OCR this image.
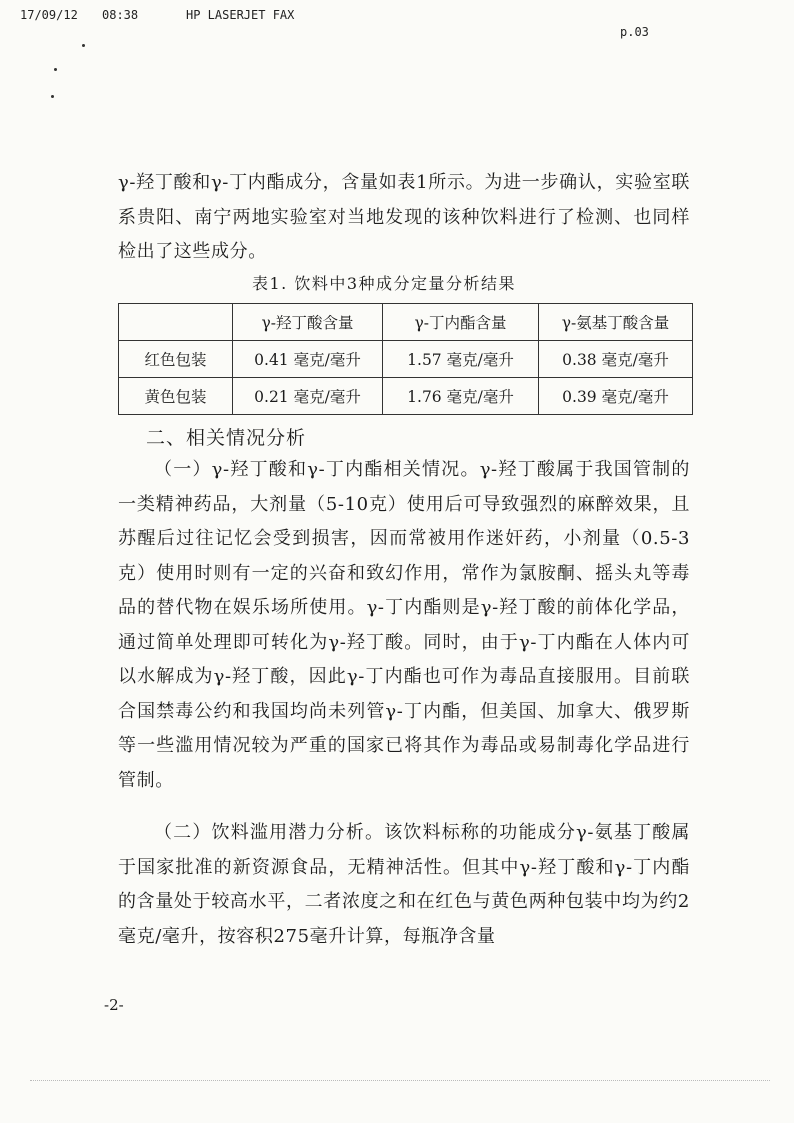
17/09/12 08:38	HP LASERJET FAX
p.03

γ-羟丁酸和γ-丁内酯成分，含量如表1所示。为进一步确认，实验室联系贵阳、南宁两地实验室对当地发现的该种饮料进行了检测、也同样检出了这些成分。

表1. 饮料中3种成分定量分析结果
	γ-羟丁酸含量	γ-丁内酯含量	γ-氨基丁酸含量
红色包装	0.41 毫克/毫升	1.57 毫克/毫升	0.38 毫克/毫升
黄色包装	0.21 毫克/毫升	1.76 毫克/毫升	0.39 毫克/毫升
二、相关情况分析

（一）γ-羟丁酸和γ-丁内酯相关情况。γ-羟丁酸属于我国管制的一类精神药品，大剂量（5-10克）使用后可导致强烈的麻醉效果，且苏醒后过往记忆会受到损害，因而常被用作迷奸药，小剂量（0.5-3克）使用时则有一定的兴奋和致幻作用，常作为氯胺酮、摇头丸等毒品的替代物在娱乐场所使用。γ-丁内酯则是γ-羟丁酸的前体化学品，通过简单处理即可转化为γ-羟丁酸。同时，由于γ-丁内酯在人体内可以水解成为γ-羟丁酸，因此γ-丁内酯也可作为毒品直接服用。目前联合国禁毒公约和我国均尚未列管γ-丁内酯，但美国、加拿大、俄罗斯等一些滥用情况较为严重的国家已将其作为毒品或易制毒化学品进行管制。

（二）饮料滥用潜力分析。该饮料标称的功能成分γ-氨基丁酸属于国家批准的新资源食品，无精神活性。但其中γ-羟丁酸和γ-丁内酯的含量处于较高水平，二者浓度之和在红色与黄色两种包装中均为约2毫克/毫升，按容积275毫升计算，每瓶净含量

-2-
